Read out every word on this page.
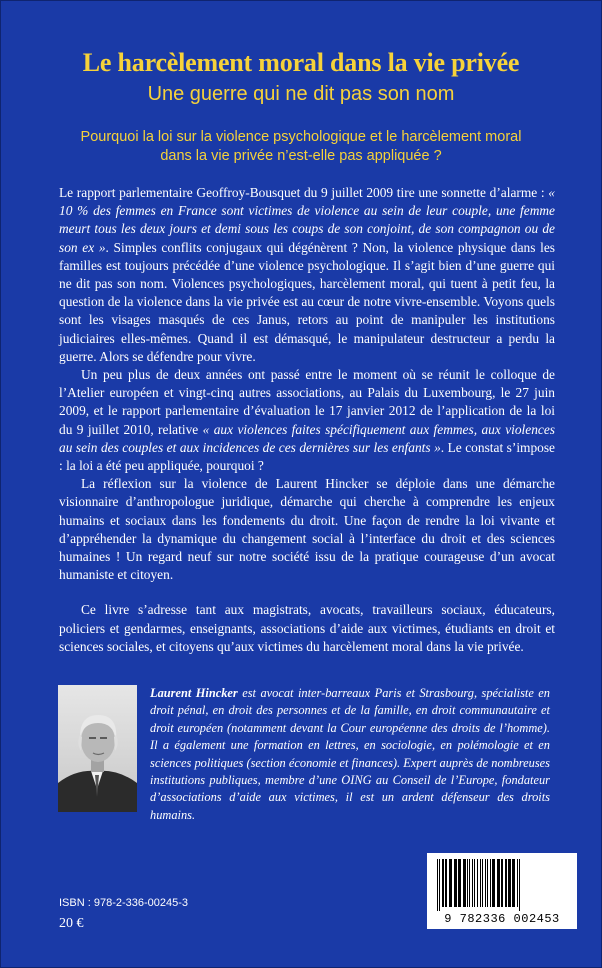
Le harcèlement moral dans la vie privée
Une guerre qui ne dit pas son nom
Pourquoi la loi sur la violence psychologique et le harcèlement moral
dans la vie privée n’est-elle pas appliquée ?

Le rapport parlementaire Geoffroy-Bousquet du 9 juillet 2009 tire une sonnette d’alarme : « 10 % des femmes en France sont victimes de violence au sein de leur couple, une femme meurt tous les deux jours et demi sous les coups de son conjoint, de son compagnon ou de son ex ». Simples conflits conjugaux qui dégénèrent ? Non, la violence physique dans les familles est toujours précédée d’une violence psychologique. Il s’agit bien d’une guerre qui ne dit pas son nom. Violences psychologiques, harcèlement moral, qui tuent à petit feu, la question de la violence dans la vie privée est au cœur de notre vivre-ensemble. Voyons quels sont les visages masqués de ces Janus, retors au point de manipuler les institutions judiciaires elles-mêmes. Quand il est démasqué, le manipulateur destructeur a perdu la guerre. Alors se défendre pour vivre.

Un peu plus de deux années ont passé entre le moment où se réunit le colloque de l’Atelier européen et vingt-cinq autres associations, au Palais du Luxembourg, le 27 juin 2009, et le rapport parlementaire d’évaluation le 17 janvier 2012 de l’application de la loi du 9 juillet 2010, relative « aux violences faites spécifiquement aux femmes, aux violences au sein des couples et aux incidences de ces dernières sur les enfants ». Le constat s’impose : la loi a été peu appliquée, pourquoi ?

La réflexion sur la violence de Laurent Hincker se déploie dans une démarche visionnaire d’anthropologue juridique, démarche qui cherche à comprendre les enjeux humains et sociaux dans les fondements du droit. Une façon de rendre la loi vivante et d’appréhender la dynamique du changement social à l’interface du droit et des sciences humaines ! Un regard neuf sur notre société issu de la pratique courageuse d’un avocat humaniste et citoyen.

Ce livre s’adresse tant aux magistrats, avocats, travailleurs sociaux, éducateurs, policiers et gendarmes, enseignants, associations d’aide aux victimes, étudiants en droit et sciences sociales, et citoyens qu’aux victimes du harcèlement moral dans la vie privée.

Laurent Hincker est avocat inter-barreaux Paris et Strasbourg, spécialiste en droit pénal, en droit des personnes et de la famille, en droit communautaire et droit européen (notamment devant la Cour européenne des droits de l’homme). Il a également une formation en lettres, en sociologie, en polémologie et en sciences politiques (section économie et finances). Expert auprès de nombreuses institutions publiques, membre d’une OING au Conseil de l’Europe, fondateur d’associations d’aide aux victimes, il est un ardent défenseur des droits humains.
ISBN : 978-2-336-00245-3
20 €	9 782336 002453
